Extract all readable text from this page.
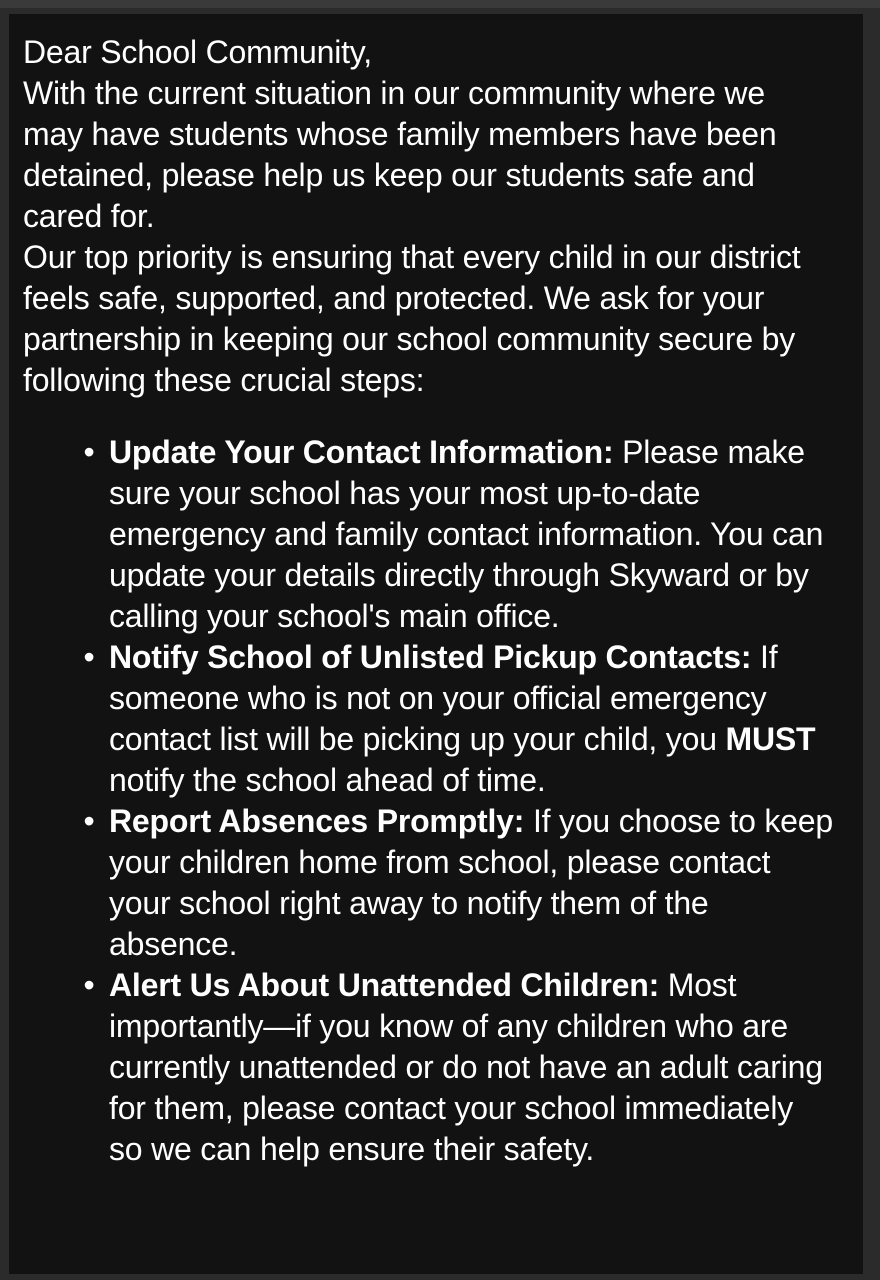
Dear School Community,

With the current situation in our community where we may have students whose family members have been detained, please help us keep our students safe and cared for.

Our top priority is ensuring that every child in our district feels safe, supported, and protected. We ask for your partnership in keeping our school community secure by following these crucial steps:

• Update Your Contact Information: Please make sure your school has your most up-to-date emergency and family contact information. You can update your details directly through Skyward or by calling your school's main office.
• Notify School of Unlisted Pickup Contacts: If someone who is not on your official emergency contact list will be picking up your child, you MUST notify the school ahead of time.
• Report Absences Promptly: If you choose to keep your children home from school, please contact your school right away to notify them of the absence.
• Alert Us About Unattended Children: Most importantly—if you know of any children who are currently unattended or do not have an adult caring for them, please contact your school immediately so we can help ensure their safety.
